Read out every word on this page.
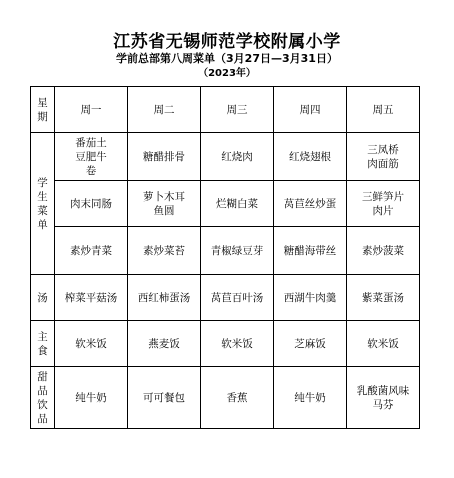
江苏省无锡师范学校附属小学
学前总部第八周菜单（3月27日—3月31日）
（2023年）
星期	周一	周二	周三	周四	周五
学生菜单	番茄土豆肥牛卷	糖醋排骨	红烧肉	红烧翅根	三凤桥肉面筋
	肉末同肠	萝卜木耳鱼圆	烂糊白菜	莴苣丝炒蛋	三鲜笋片肉片
	素炒青菜	素炒菜苔	青椒绿豆芽	糖醋海带丝	素炒菠菜
汤	榨菜平菇汤	西红柿蛋汤	莴苣百叶汤	西湖牛肉羹	紫菜蛋汤
主食	软米饭	燕麦饭	软米饭	芝麻饭	软米饭
甜品饮品	纯牛奶	可可餐包	香蕉	纯牛奶	乳酸菌风味马芬
